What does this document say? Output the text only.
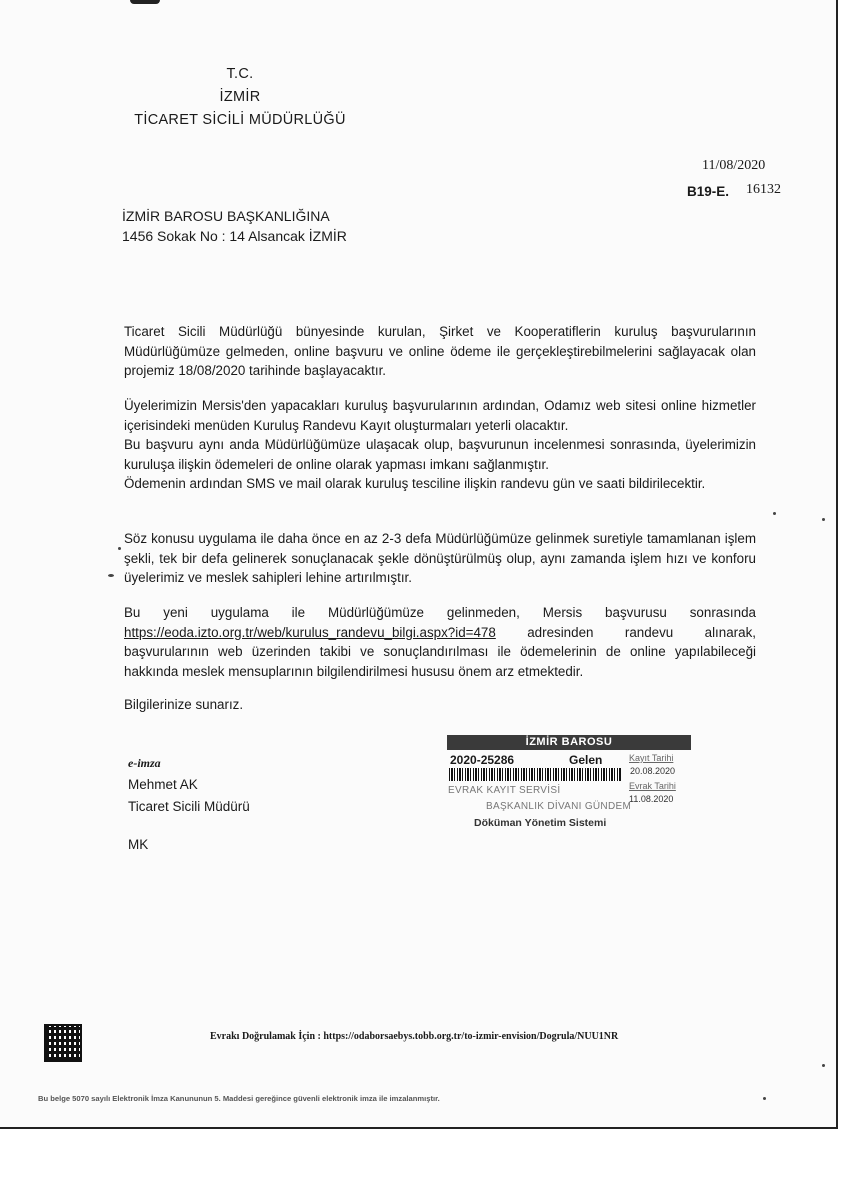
T.C.
İZMİR
TİCARET SİCİLİ MÜDÜRLÜĞÜ
11/08/2020
B19-E. 16132
İZMİR BAROSU BAŞKANLIĞINA
1456 Sokak No : 14 Alsancak İZMİR

Ticaret Sicili Müdürlüğü bünyesinde kurulan, Şirket ve Kooperatiflerin kuruluş başvurularının Müdürlüğümüze gelmeden, online başvuru ve online ödeme ile gerçekleştirebilmelerini sağlayacak olan projemiz 18/08/2020 tarihinde başlayacaktır.

Üyelerimizin Mersis'den yapacakları kuruluş başvurularının ardından, Odamız web sitesi online hizmetler içerisindeki menüden Kuruluş Randevu Kayıt oluşturmaları yeterli olacaktır.

Bu başvuru aynı anda Müdürlüğümüze ulaşacak olup, başvurunun incelenmesi sonrasında, üyelerimizin kuruluşa ilişkin ödemeleri de online olarak yapması imkanı sağlanmıştır.

Ödemenin ardından SMS ve mail olarak kuruluş tesciline ilişkin randevu gün ve saati bildirilecektir.

Söz konusu uygulama ile daha önce en az 2-3 defa Müdürlüğümüze gelinmek suretiyle tamamlanan işlem şekli, tek bir defa gelinerek sonuçlanacak şekle dönüştürülmüş olup, aynı zamanda işlem hızı ve konforu üyelerimiz ve meslek sahipleri lehine artırılmıştır.

Bu yeni uygulama ile Müdürlüğümüze gelinmeden, Mersis başvurusu sonrasında https://eoda.izto.org.tr/web/kurulus_randevu_bilgi.aspx?id=478 adresinden randevu alınarak, başvurularının web üzerinden takibi ve sonuçlandırılması ile ödemelerinin de online yapılabileceği hakkında meslek mensuplarının bilgilendirilmesi hususu önem arz etmektedir.

Bilgilerinize sunarız.
e-imza
Mehmet AK
Ticaret Sicili Müdürü
MK
İZMİR BAROSU
2020-25286	Gelen	Kayıt Tarihi
20.08.2020
Evrak Tarihi
11.08.2020
EVRAK KAYIT SERVİSİ
BAŞKANLIK DİVANI GÜNDEM
Döküman Yönetim Sistemi
Evrakı Doğrulamak İçin : https://odaborsaebys.tobb.org.tr/to-izmir-envision/Dogrula/NUU1NR
Bu belge 5070 sayılı Elektronik İmza Kanununun 5. Maddesi gereğince güvenli elektronik imza ile imzalanmıştır.
